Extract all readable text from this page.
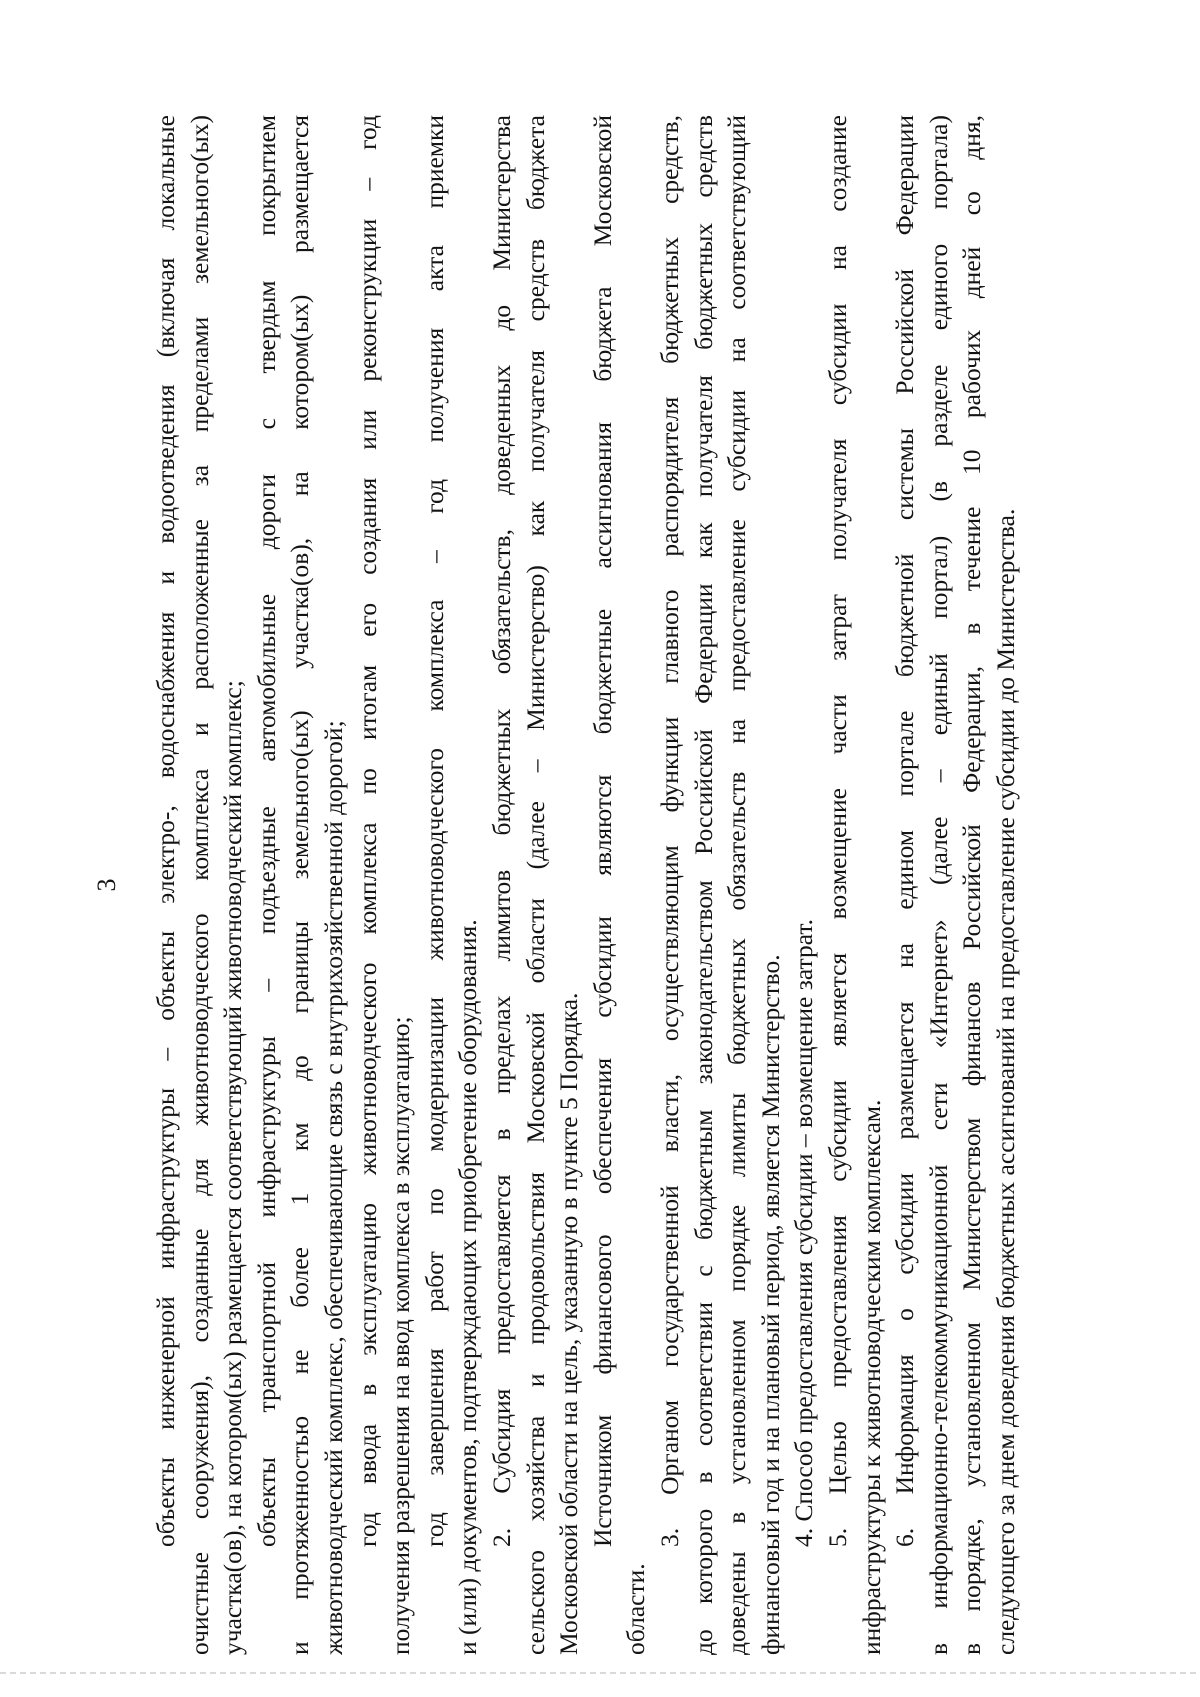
3 объекты инженерной инфраструктуры – объекты электро-, водоснабжения и водоотведения (включая локальные очистные сооружения), созданные для животноводческого комплекса и расположенные за пределами земельного(ых) участка(ов), на котором(ых) размещается соответствующий животноводческий комплекс; объекты транспортной инфраструктуры – подъездные автомобильные дороги с твердым покрытием и протяженностью не более 1 км до границы земельного(ых) участка(ов), на котором(ых) размещается животноводческий комплекс, обеспечивающие связь с внутрихозяйственной дорогой; год ввода в эксплуатацию животноводческого комплекса по итогам его создания или реконструкции – год получения разрешения на ввод комплекса в эксплуатацию; год завершения работ по модернизации животноводческого комплекса – год получения акта приемки и (или) документов, подтверждающих приобретение оборудования. 2. Субсидия предоставляется в пределах лимитов бюджетных обязательств, доведенных до Министерства сельского хозяйства и продовольствия Московской области (далее – Министерство) как получателя средств бюджета Московской области на цель, указанную в пункте 5 Порядка. Источником финансового обеспечения субсидии являются бюджетные ассигнования бюджета Московской
области.
3. Органом государственной власти, осуществляющим функции главного распорядителя бюджетных средств, до которого в соответствии с бюджетным законодательством Российской Федерации как получателя бюджетных средств доведены в установленном порядке лимиты бюджетных обязательств на предоставление субсидии на соответствующий финансовый год и на плановый период, является Министерство. 4. Способ предоставления субсидии – возмещение затрат. 5. Целью предоставления субсидии является возмещение части затрат получателя субсидии на создание инфраструктуры к животноводческим комплексам. 6. Информация о субсидии размещается на едином портале бюджетной системы Российской Федерации в информационно-телекоммуникационной сети «Интернет» (далее – единый портал) (в разделе единого портала) в порядке, установленном Министерством финансов Российской Федерации, в течение 10 рабочих дней со дня, следующего за днем доведения бюджетных ассигнований на предоставление субсидии до Министерства.
